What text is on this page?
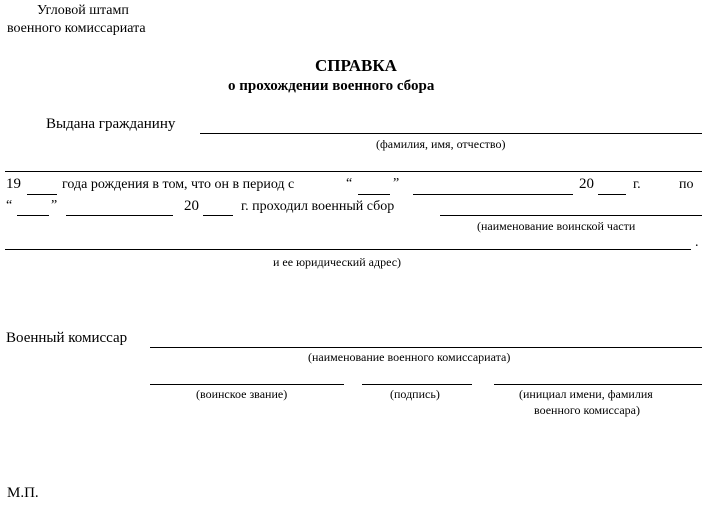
Угловой штамп
военного комиссариата
СПРАВКА
о прохождении военного сбора
Выдана гражданину
(фамилия, имя, отчество)
19	года рождения в том, что он в период с	“	”	20	г.	по
“	”	20	г. проходил военный сбор
(наименование воинской части
.
и ее юридический адрес)
Военный комиссар
(наименование военного комиссариата)
(воинское звание)	(подпись)	(инициал имени, фамилия
военного комиссара)
М.П.
